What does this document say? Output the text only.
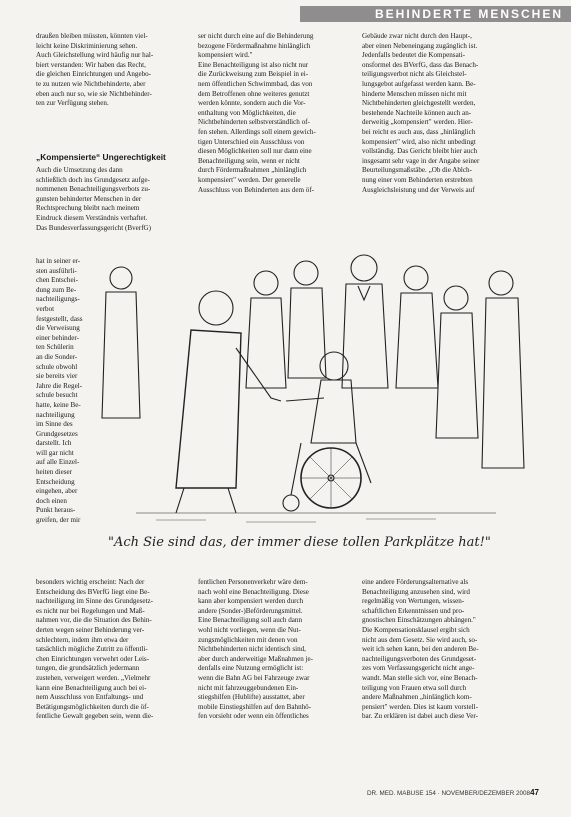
BEHINDERTE MENSCHEN

draußen bleiben müssten, könnten viel-
leicht keine Diskriminierung sehen.
Auch Gleichstellung wird häufig nur hal-
biert verstanden: Wir haben das Recht,
die gleichen Einrichtungen und Angebo-
te zu nutzen wie Nichtbehinderte, aber
eben auch nur so, wie sie Nichtbehinder-
ten zur Verfügung stehen.

„Kompensierte“ Ungerechtigkeit

Auch die Umsetzung des dann
schließlich doch ins Grundgesetz aufge-
nommenen Benachteiligungsverbots zu-
gunsten behinderter Menschen in der
Rechtsprechung bleibt nach meinem
Eindruck diesem Verständnis verhaftet.
Das Bundesverfassungsgericht (BverfG)

hat in seiner er-
sten ausführli-
chen Entschei-
dung zum Be-
nachteiligungs-
verbot
festgestellt, dass
die Verweisung
einer behinder-
ten Schülerin
an die Sonder-
schule obwohl
sie bereits vier
Jahre die Regel-
schule besucht
hatte, keine Be-
nachteiligung
im Sinne des
Grundgesetzes
darstellt. Ich
will gar nicht
auf alle Einzel-
heiten dieser
Entscheidung
eingehen, aber
doch einen
Punkt heraus-
greifen, der mir

ser nicht durch eine auf die Behinderung
bezogene Fördermaßnahme hinlänglich
kompensiert wird."
Eine Benachteiligung ist also nicht nur
die Zurückweisung zum Beispiel in ei-
nem öffentlichen Schwimmbad, das von
dem Betroffenen ohne weiteres genutzt
werden könnte, sondern auch die Vor-
enthaltung von Möglichkeiten, die
Nichtbehinderten selbstverständlich of-
fen stehen. Allerdings soll einem gewich-
tigen Unterschied ein Ausschluss von
diesen Möglichkeiten soll nur dann eine
Benachteiligung sein, wenn er nicht
durch Fördermaßnahmen „hinlänglich
kompensiert" werden. Der generelle
Ausschluss von Behinderten aus dem öf-

Gebäude zwar nicht durch den Haupt-,
aber einen Nebeneingang zugänglich ist.
Jedenfalls bedeutet die Kompensati-
onsformel des BVerfG, dass das Benach-
teiligungsverbot nicht als Gleichstel-
lungsgebot aufgefasst werden kann. Be-
hinderte Menschen müssen nicht mit
Nichtbehinderten gleichgestellt werden,
bestehende Nachteile können auch an-
derweitig „kompensiert" werden. Hier-
bei reicht es auch aus, dass „hinlänglich
kompensiert" wird, also nicht unbedingt
vollständig. Das Gericht bleibt hier auch
insgesamt sehr vage in der Angabe seiner
Beurteilungsmaßstäbe. „Ob die Ablch-
nung einer vom Behinderten erstrebten
Ausgleichsleistung und der Verweis auf

"Ach Sie sind das, der immer diese tollen Parkplätze hat!"

besonders wichtig erscheint: Nach der
Entscheidung des BVerfG liegt eine Be-
nachteiligung im Sinne des Grundgesetz-
es nicht nur bei Regelungen und Maß-
nahmen vor, die die Situation des Behin-
derten wegen seiner Behinderung ver-
schlechtern, indem ihm etwa der
tatsächlich mögliche Zutritt zu öffentli-
chen Einrichtungen verwehrt oder Leis-
tungen, die grundsätzlich jedermann
zustehen, verweigert werden. „Vielmehr
kann eine Benachteiligung auch bei ei-
nem Ausschluss von Entfaltungs- und
Betätigungsmöglichkeiten durch die öf-
fentliche Gewalt gegeben sein, wenn die-

fentlichen Personenverkehr wäre dem-
nach wohl eine Benachteiligung. Diese
kann aber kompensiert werden durch
andere (Sonder-)Beförderungsmittel.
Eine Benachteiligung soll auch dann
wohl nicht vorliegen, wenn die Nut-
zungsmöglichkeiten mit denen von
Nichtbehinderten nicht identisch sind,
aber durch anderweitige Maßnahmen je-
denfalls eine Nutzung ermöglicht ist:
wenn die Bahn AG bei Fahrzeuge zwar
nicht mit fahrzeuggebundenen Ein-
stiegshilfen (Hublifte) ausstattet, aber
mobile Einstiegshilfen auf den Bahnhö-
fen vorsieht oder wenn ein öffentliches

eine andere Förderungsalternative als
Benachteiligung anzusehen sind, wird
regelmäßig von Wertungen, wissen-
schaftlichen Erkenntnissen und pro-
gnostischen Einschätzungen abhängen."
Die Kompensationsklausel ergibt sich
nicht aus dem Gesetz. Sie wird auch, so-
weit ich sehen kann, bei den anderen Be-
nachteiligungsverboten des Grundgeset-
zes vom Verfassungsgericht nicht ange-
wandt. Man stelle sich vor, eine Benach-
teiligung von Frauen etwa soll durch
andere Maßnahmen „hinlänglich kom-
pensiert" werden. Dies ist kaum vorstell-
bar. Zu erklären ist dabei auch diese Ver-

DR. MED. MABUSE 154 · NOVEMBER/DEZEMBER 2008 47
